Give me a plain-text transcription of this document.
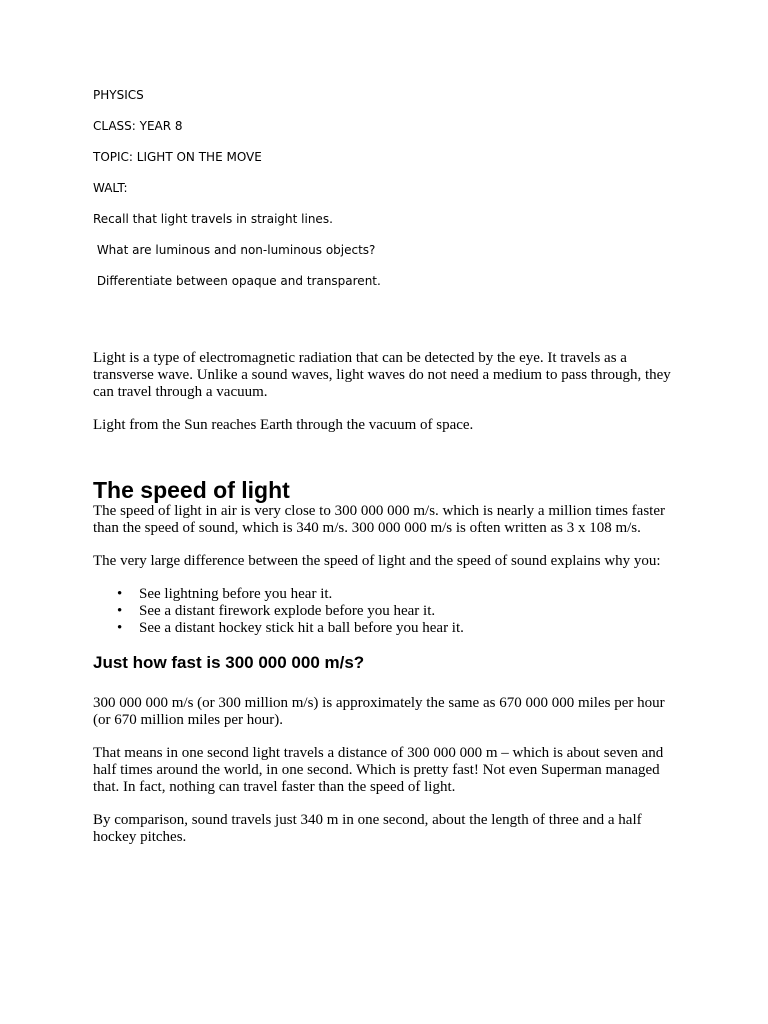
PHYSICS
CLASS: YEAR 8
TOPIC: LIGHT ON THE MOVE
WALT:
Recall that light travels in straight lines.
What are luminous and non-luminous objects?
Differentiate between opaque and transparent.

Light is a type of electromagnetic radiation that can be detected by the eye. It travels as a transverse wave. Unlike a sound waves, light waves do not need a medium to pass through, they can travel through a vacuum.

Light from the Sun reaches Earth through the vacuum of space.

The speed of light

The speed of light in air is very close to 300 000 000 m/s. which is nearly a million times faster than the speed of sound, which is 340 m/s. 300 000 000 m/s is often written as 3 x 108 m/s.

The very large difference between the speed of light and the speed of sound explains why you:

• See lightning before you hear it.
• See a distant firework explode before you hear it.
• See a distant hockey stick hit a ball before you hear it.
Just how fast is 300 000 000 m/s?

300 000 000 m/s (or 300 million m/s) is approximately the same as 670 000 000 miles per hour (or 670 million miles per hour).

That means in one second light travels a distance of 300 000 000 m – which is about seven and half times around the world, in one second. Which is pretty fast! Not even Superman managed that. In fact, nothing can travel faster than the speed of light.

By comparison, sound travels just 340 m in one second, about the length of three and a half hockey pitches.
